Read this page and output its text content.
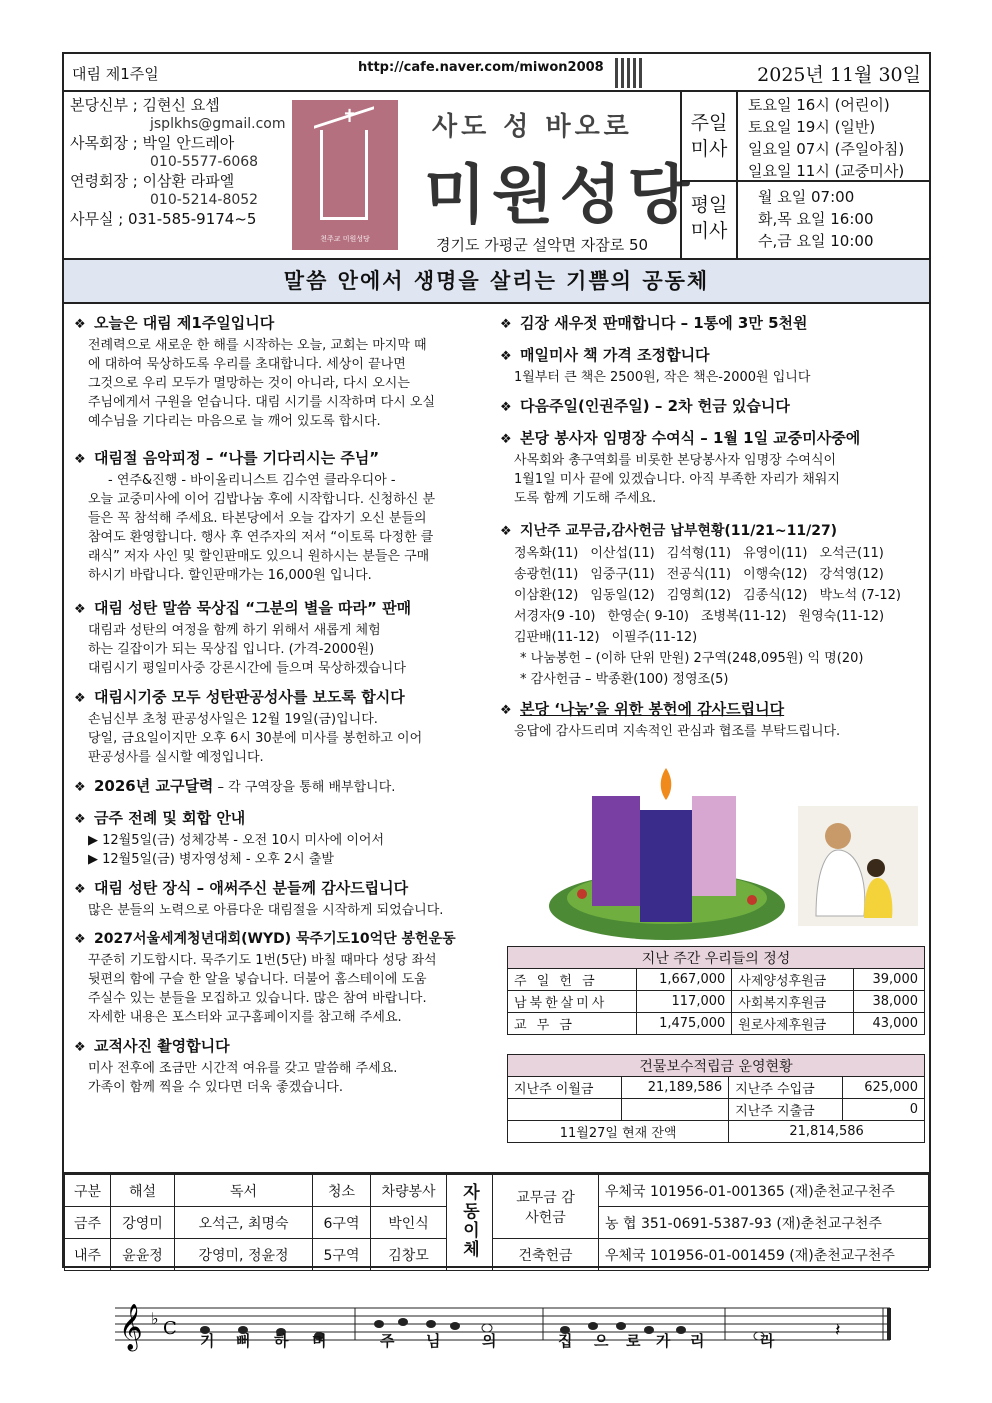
대림 제1주일	http://cafe.naver.com/miwon2008	2025년 11월 30일
본당신부 ; 김현신 요셉
jsplkhs@gmail.com
사목회장 ; 박일 안드레아
010-5577-6068
연령회장 ; 이삼환 라파엘
010-5214-8052
사무실 ; 031-585-9174~5
✝
천주교 미원성당
사도 성 바오로
미원성당
경기도 가평군 설악면 자잠로 50
주일 미사
토요일 16시 (어린이)
토요일 19시 (일반)
일요일 07시 (주일아침)
일요일 11시 (교중미사)
평일 미사
월 요일 07:00
화,목 요일 16:00
수,금 요일 10:00
말씀 안에서 생명을 살리는 기쁨의 공동체
❖ 오늘은 대림 제1주일입니다

전례력으로 새로운 한 해를 시작하는 오늘, 교회는 마지막 때

에 대하여 묵상하도록 우리를 초대합니다. 세상이 끝나면

그것으로 우리 모두가 멸망하는 것이 아니라, 다시 오시는

주님에게서 구원을 얻습니다. 대림 시기를 시작하며 다시 오실

예수님을 기다리는 마음으로 늘 깨어 있도록 합시다.

❖ 대림절 음악피정 – “나를 기다리시는 주님”

- 연주&진행 - 바이올리니스트 김수연 클라우디아 -

오늘 교중미사에 이어 김밥나눔 후에 시작합니다. 신청하신 분

들은 꼭 참석해 주세요. 타본당에서 오늘 갑자기 오신 분들의

참여도 환영합니다. 행사 후 연주자의 저서 “이토록 다정한 클

래식” 저자 사인 및 할인판매도 있으니 원하시는 분들은 구매

하시기 바랍니다. 할인판매가는 16,000원 입니다.

❖ 대림 성탄 말씀 묵상집 “그분의 별을 따라” 판매

대림과 성탄의 여정을 함께 하기 위해서 새롭게 체험

하는 길잡이가 되는 묵상집 입니다. (가격-2000원)

대림시기 평일미사중 강론시간에 들으며 묵상하겠습니다

❖ 대림시기중 모두 성탄판공성사를 보도록 합시다

손님신부 초청 판공성사일은 12월 19일(금)입니다.

당일, 금요일이지만 오후 6시 30분에 미사를 봉헌하고 이어

판공성사를 실시할 예정입니다.

❖ 2026년 교구달력 – 각 구역장을 통해 배부합니다.
❖ 금주 전례 및 회합 안내

▶ 12월5일(금) 성체강복 - 오전 10시 미사에 이어서

▶ 12월5일(금) 병자영성체 - 오후 2시 출발

❖ 대림 성탄 장식 – 애써주신 분들께 감사드립니다

많은 분들의 노력으로 아름다운 대림절을 시작하게 되었습니다.

❖ 2027서울세계청년대회(WYD) 묵주기도10억단 봉헌운동

꾸준히 기도합시다. 묵주기도 1번(5단) 바칠 때마다 성당 좌석

뒷편의 함에 구슬 한 알을 넣습니다. 더불어 홈스테이에 도움

주실수 있는 분들을 모집하고 있습니다. 많은 참여 바랍니다.

자세한 내용은 포스터와 교구홈페이지를 참고해 주세요.

❖ 교적사진 촬영합니다

미사 전후에 조금만 시간적 여유를 갖고 말씀해 주세요.

가족이 함께 찍을 수 있다면 더욱 좋겠습니다.

❖ 김장 새우젓 판매합니다 – 1통에 3만 5천원
❖ 매일미사 책 가격 조정합니다

1월부터 큰 책은 2500원, 작은 책은-2000원 입니다

❖ 다음주일(인권주일) – 2차 헌금 있습니다
❖ 본당 봉사자 임명장 수여식 – 1월 1일 교중미사중에

사목회와 총구역회를 비롯한 본당봉사자 임명장 수여식이

1월1일 미사 끝에 있겠습니다. 아직 부족한 자리가 채워지

도록 함께 기도해 주세요.

❖ 지난주 교무금,감사헌금 납부현황(11/21~11/27)
정옥화(11) 이산섭(11) 김석형(11) 유영이(11) 오석근(11)
송광헌(11) 임중구(11) 전공식(11) 이행숙(12) 강석영(12)
이삼환(12) 임동일(12) 김영희(12) 김종식(12) 박노석 (7-12)
서경자(9 -10) 한영순( 9-10) 조병복(11-12) 원영숙(11-12)
김판배(11-12) 이필주(11-12)
* 나눔봉헌 – (이하 단위 만원) 2구역(248,095원) 익 명(20)
* 감사헌금 – 박종환(100) 정영조(5)
❖ 본당 ‘나눔’을 위한 봉헌에 감사드립니다

응답에 감사드리며 지속적인 관심과 협조를 부탁드립니다.

지난 주간 우리들의 정성			
주 일 헌 금	1,667,000	사제양성후원금	39,000
남북한살미사	117,000	사회복지후원금	38,000
교 무 금	1,475,000	원로사제후원금	43,000
건물보수적립금 운영현황			
지난주 이월금	21,189,586	지난주 수입금	625,000
		지난주 지출금	0
11월27일 현재 잔액		21,814,586	
구분	해설	독서	청소	차량봉사	자동이체	교무금 감사헌금	우체국 101956-01-001365 (재)춘천교구천주
금주	강영미	오석근, 최명숙	6구역	박인식			농 협 351-0691-5387-93 (재)춘천교구천주
내주	윤윤정	강영미, 정윤정	5구역	김창모		건축헌금	우체국 101956-01-001459 (재)춘천교구천주
𝄞 ♭ C	𝄽
기 뻐 하 며	주 님	의	집 으 로 가 리	라
